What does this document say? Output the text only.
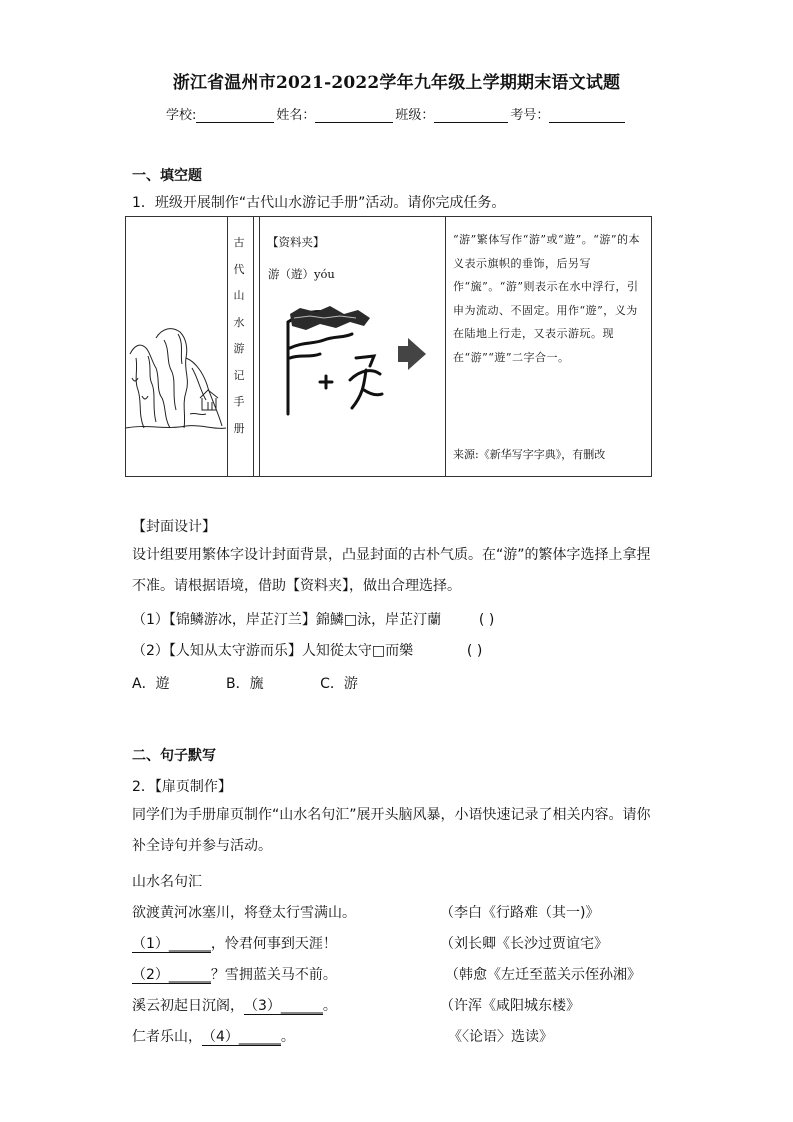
浙江省温州市2021-2022学年九年级上学期期末语文试题
学校:	姓名：	班级：	考号：
一、填空题
1．班级开展制作“古代山水游记手册”活动。请你完成任务。
古代山水游记手册
【资料夹】
游（遊）yóu
“游”繁体写作“游”或“遊”。“游”的本义表示旗帜的垂饰，后另写作“旒”。“游”则表示在水中浮行，引申为流动、不固定。用作“遊”，义为在陆地上行走，又表示游玩。现在“游”“遊”二字合一。
来源:《新华写字字典》，有删改
【封面设计】
设计组要用繁体字设计封面背景，凸显封面的古朴气质。在“游”的繁体字选择上拿捏不准。请根据语境，借助【资料夹】，做出合理选择。
（1）【锦鳞游冰，岸芷汀兰】錦鱗□泳，岸芷汀蘭	( )
（2）【人知从太守游而乐】人知從太守□而樂	( )
A．遊	B．旒	C．游
二、句子默写
2．【扉页制作】
同学们为手册扉页制作“山水名句汇”展开头脑风暴，小语快速记录了相关内容。请你补全诗句并参与活动。
山水名句汇
欲渡黄河冰塞川，将登太行雪满山。	（李白《行路难（其一)》
（1）______，怜君何事到天涯！	（刘长卿《长沙过贾谊宅》
（2）______？雪拥蓝关马不前。	（韩愈《左迁至蓝关示侄孙湘》
溪云初起日沉阁，（3）______。	（许浑《咸阳城东楼》
仁者乐山，（4）______。	《〈论语〉选读》
